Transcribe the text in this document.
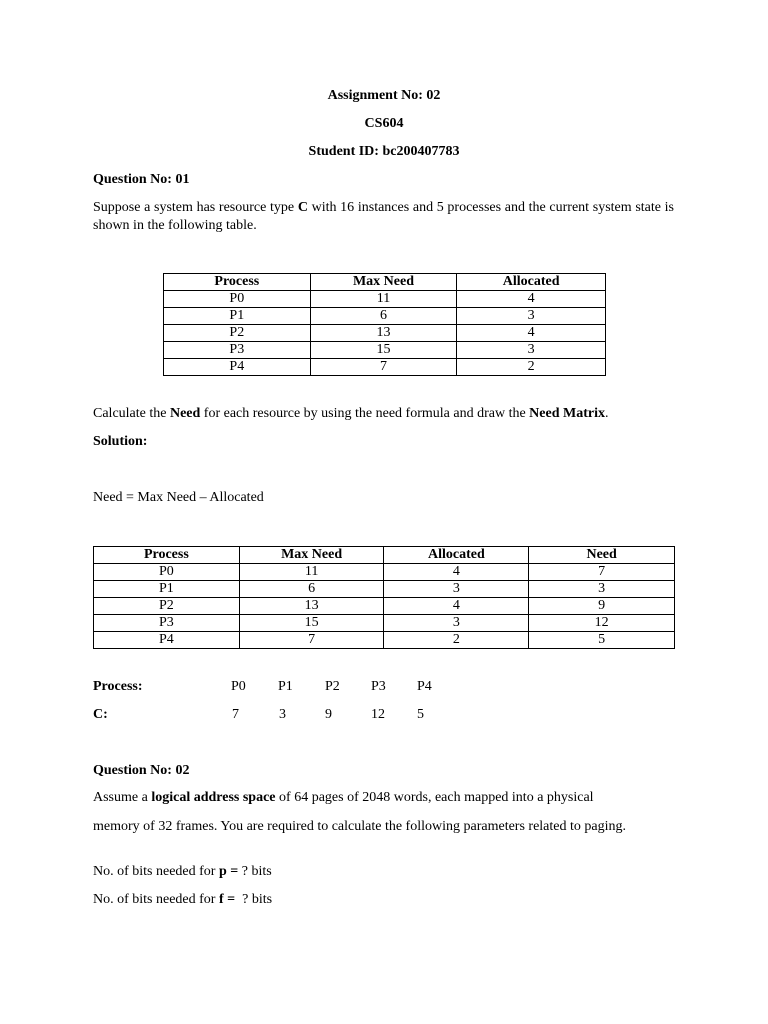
Assignment No: 02
CS604
Student ID: bc200407783
Question No: 01
Suppose a system has resource type C with 16 instances and 5 processes and the current system state is shown in the following table.
Process	Max Need	Allocated
P0	11	4
P1	6	3
P2	13	4
P3	15	3
P4	7	2
Calculate the Need for each resource by using the need formula and draw the Need Matrix.
Solution:
Need = Max Need – Allocated
Process	Max Need	Allocated	Need
P0	11	4	7
P1	6	3	3
P2	13	4	9
P3	15	3	12
P4	7	2	5
Process:	P0 P1 P2 P3 P4
C:	7	3	9	12 5
Question No: 02
Assume a logical address space of 64 pages of 2048 words, each mapped into a physical
memory of 32 frames. You are required to calculate the following parameters related to paging.
No. of bits needed for p = ? bits
No. of bits needed for f =  ? bits
